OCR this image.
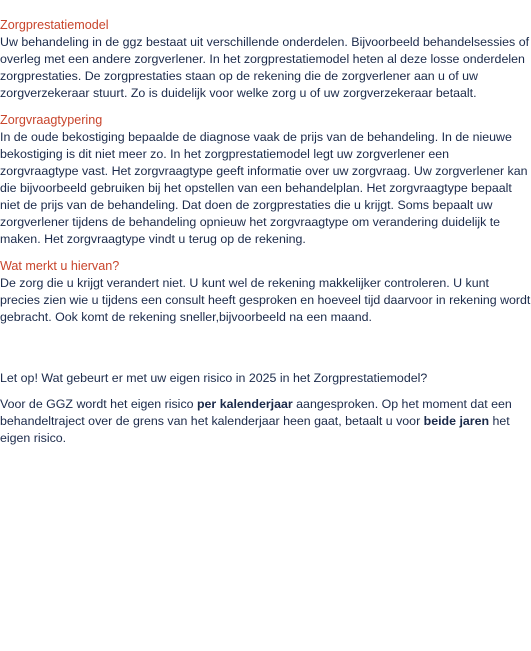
Zorgprestatiemodel

Uw behandeling in de ggz bestaat uit verschillende onderdelen. Bijvoorbeeld behandelsessies of overleg met een andere zorgverlener. In het zorgprestatiemodel heten al deze losse onderdelen zorgprestaties. De zorgprestaties staan op de rekening die de zorgverlener aan u of uw zorgverzekeraar stuurt. Zo is duidelijk voor welke zorg u of uw zorgverzekeraar betaalt.

Zorgvraagtypering

In de oude bekostiging bepaalde de diagnose vaak de prijs van de behandeling. In de nieuwe bekostiging is dit niet meer zo. In het zorgprestatiemodel legt uw zorgverlener een zorgvraagtype vast. Het zorgvraagtype geeft informatie over uw zorgvraag. Uw zorgverlener kan die bijvoorbeeld gebruiken bij het opstellen van een behandelplan. Het zorgvraagtype bepaalt niet de prijs van de behandeling. Dat doen de zorgprestaties die u krijgt. Soms bepaalt uw zorgverlener tijdens de behandeling opnieuw het zorgvraagtype om verandering duidelijk te maken. Het zorgvraagtype vindt u terug op de rekening.

Wat merkt u hiervan?

De zorg die u krijgt verandert niet. U kunt wel de rekening makkelijker controleren. U kunt precies zien wie u tijdens een consult heeft gesproken en hoeveel tijd daarvoor in rekening wordt gebracht. Ook komt de rekening sneller,bijvoorbeeld na een maand.

Let op! Wat gebeurt er met uw eigen risico in 2025 in het Zorgprestatiemodel?

Voor de GGZ wordt het eigen risico per kalenderjaar aangesproken. Op het moment dat een behandeltraject over de grens van het kalenderjaar heen gaat, betaalt u voor beide jaren het eigen risico.
